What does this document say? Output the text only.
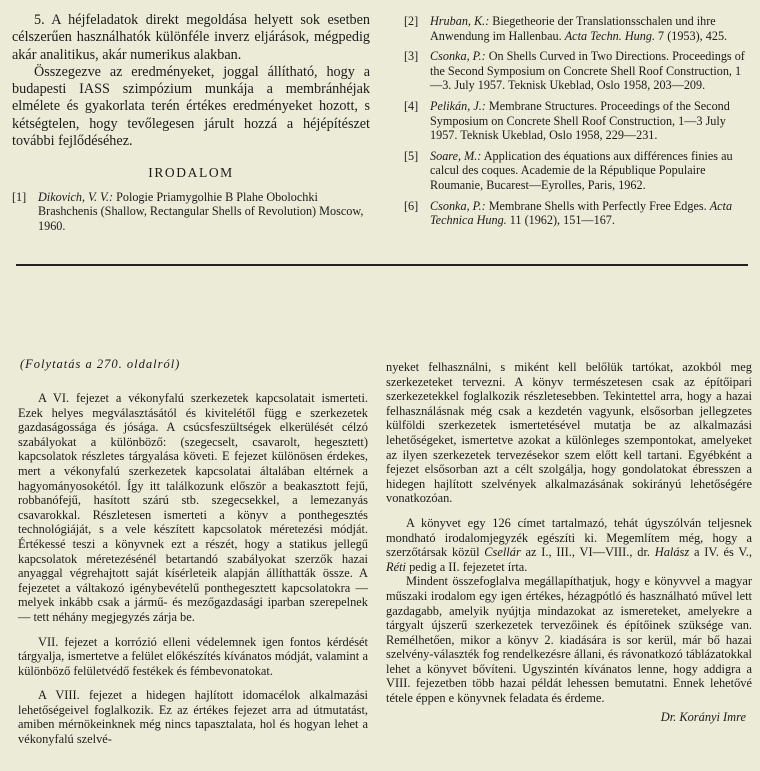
5. A héjfeladatok direkt megoldása helyett sok esetben célszerűen használhatók különféle inverz eljárások, mégpedig akár analitikus, akár numerikus alakban.

Összegezve az eredményeket, joggal állítható, hogy a budapesti IASS szimpózium munkája a membránhéjak elmélete és gyakorlata terén értékes eredményeket hozott, s kétségtelen, hogy tevőlegesen járult hozzá a héjépítészet további fejlődéséhez.

IRODALOM

[1] Dikovich, V. V.: Pologie Priamygolhie B Plahe Obolochki Brashchenis (Shallow, Rectangular Shells of Revolution) Moscow, 1960.
[2] Hruban, K.: Biegetheorie der Translationsschalen und ihre Anwendung im Hallenbau. Acta Techn. Hung. 7 (1953), 425.
[3] Csonka, P.: On Shells Curved in Two Directions. Proceedings of the Second Symposium on Concrete Shell Roof Construction, 1—3. July 1957. Teknisk Ukeblad, Oslo 1958, 203—209.
[4] Pelikán, J.: Membrane Structures. Proceedings of the Second Symposium on Concrete Shell Roof Construction, 1—3 July 1957. Teknisk Ukeblad, Oslo 1958, 229—231.
[5] Soare, M.: Application des équations aux différences finies au calcul des coques. Academie de la République Populaire Roumanie, Bucarest—Eyrolles, Paris, 1962.
[6] Csonka, P.: Membrane Shells with Perfectly Free Edges. Acta Technica Hung. 11 (1962), 151—167.

(Folytatás a 270. oldalról)

A VI. fejezet a vékonyfalú szerkezetek kapcsolatait ismerteti. Ezek helyes megválasztásától és kivitelétől függ e szerkezetek gazdaságossága és jósága. A csúcsfeszültségek elkerülését célzó szabályokat a különböző: (szegecselt, csavarolt, hegesztett) kapcsolatok részletes tárgyalása követi. E fejezet különösen érdekes, mert a vékonyfalú szerkezetek kapcsolatai általában eltérnek a hagyományosokétól. Így itt találkozunk először a beakasztott fejű, robbanófejű, hasított szárú stb. szegecsekkel, a lemezanyás csavarokkal. Részletesen ismerteti a könyv a ponthegesztés technológiáját, s a vele készített kapcsolatok méretezési módját. Értékessé teszi a könyvnek ezt a részét, hogy a statikus jellegű kapcsolatok méretezésénél betartandó szabályokat szerzők hazai anyaggal végrehajtott saját kísérleteik alapján állíthatták össze. A fejezetet a váltakozó igénybevételű ponthegesztett kapcsolatokra — melyek inkább csak a jármű- és mezőgazdasági iparban szerepelnek — tett néhány megjegyzés zárja be.

VII. fejezet a korrózió elleni védelemnek igen fontos kérdését tárgyalja, ismertetve a felület előkészítés kívánatos módját, valamint a különböző felületvédő festékek és fémbevonatokat.

A VIII. fejezet a hidegen hajlított idomacélok alkalmazási lehetőségeivel foglalkozik. Ez az értékes fejezet arra ad útmutatást, amiben mérnökeinknek még nincs tapasztalata, hol és hogyan lehet a vékonyfalú szelvé-

nyeket felhasználni, s miként kell belőlük tartókat, azokból meg szerkezeteket tervezni. A könyv természetesen csak az építőipari szerkezetekkel foglalkozik részletesebben. Tekintettel arra, hogy a hazai felhasználásnak még csak a kezdetén vagyunk, elsősorban jellegzetes külföldi szerkezetek ismertetésével mutatja be az alkalmazási lehetőségeket, ismertetve azokat a különleges szempontokat, amelyeket az ilyen szerkezetek tervezésekor szem előtt kell tartani. Egyébként a fejezet elsősorban azt a célt szolgálja, hogy gondolatokat ébresszen a hidegen hajlított szelvények alkalmazásának sokirányú lehetőségére vonatkozóan.

A könyvet egy 126 címet tartalmazó, tehát úgyszólván teljesnek mondható irodalomjegyzék egészíti ki. Megemlítem még, hogy a szerzőtársak közül Csellár az I., III., VI—VIII., dr. Halász a IV. és V., Réti pedig a II. fejezetet írta.

Mindent összefoglalva megállapíthatjuk, hogy e könyvvel a magyar műszaki irodalom egy igen értékes, hézagpótló és használható művel lett gazdagabb, amelyik nyújtja mindazokat az ismereteket, amelyekre a tárgyalt újszerű szerkezetek tervezőinek és építőinek szüksége van. Remélhetően, mikor a könyv 2. kiadására is sor kerül, már bő hazai szelvény-választék fog rendelkezésre állani, és rávonatkozó táblázatokkal lehet a könyvet bővíteni. Ugyszintén kívánatos lenne, hogy addigra a VIII. fejezetben több hazai példát lehessen bemutatni. Ennek lehetővé tétele éppen e könyvnek feladata és érdeme.

Dr. Korányi Imre
